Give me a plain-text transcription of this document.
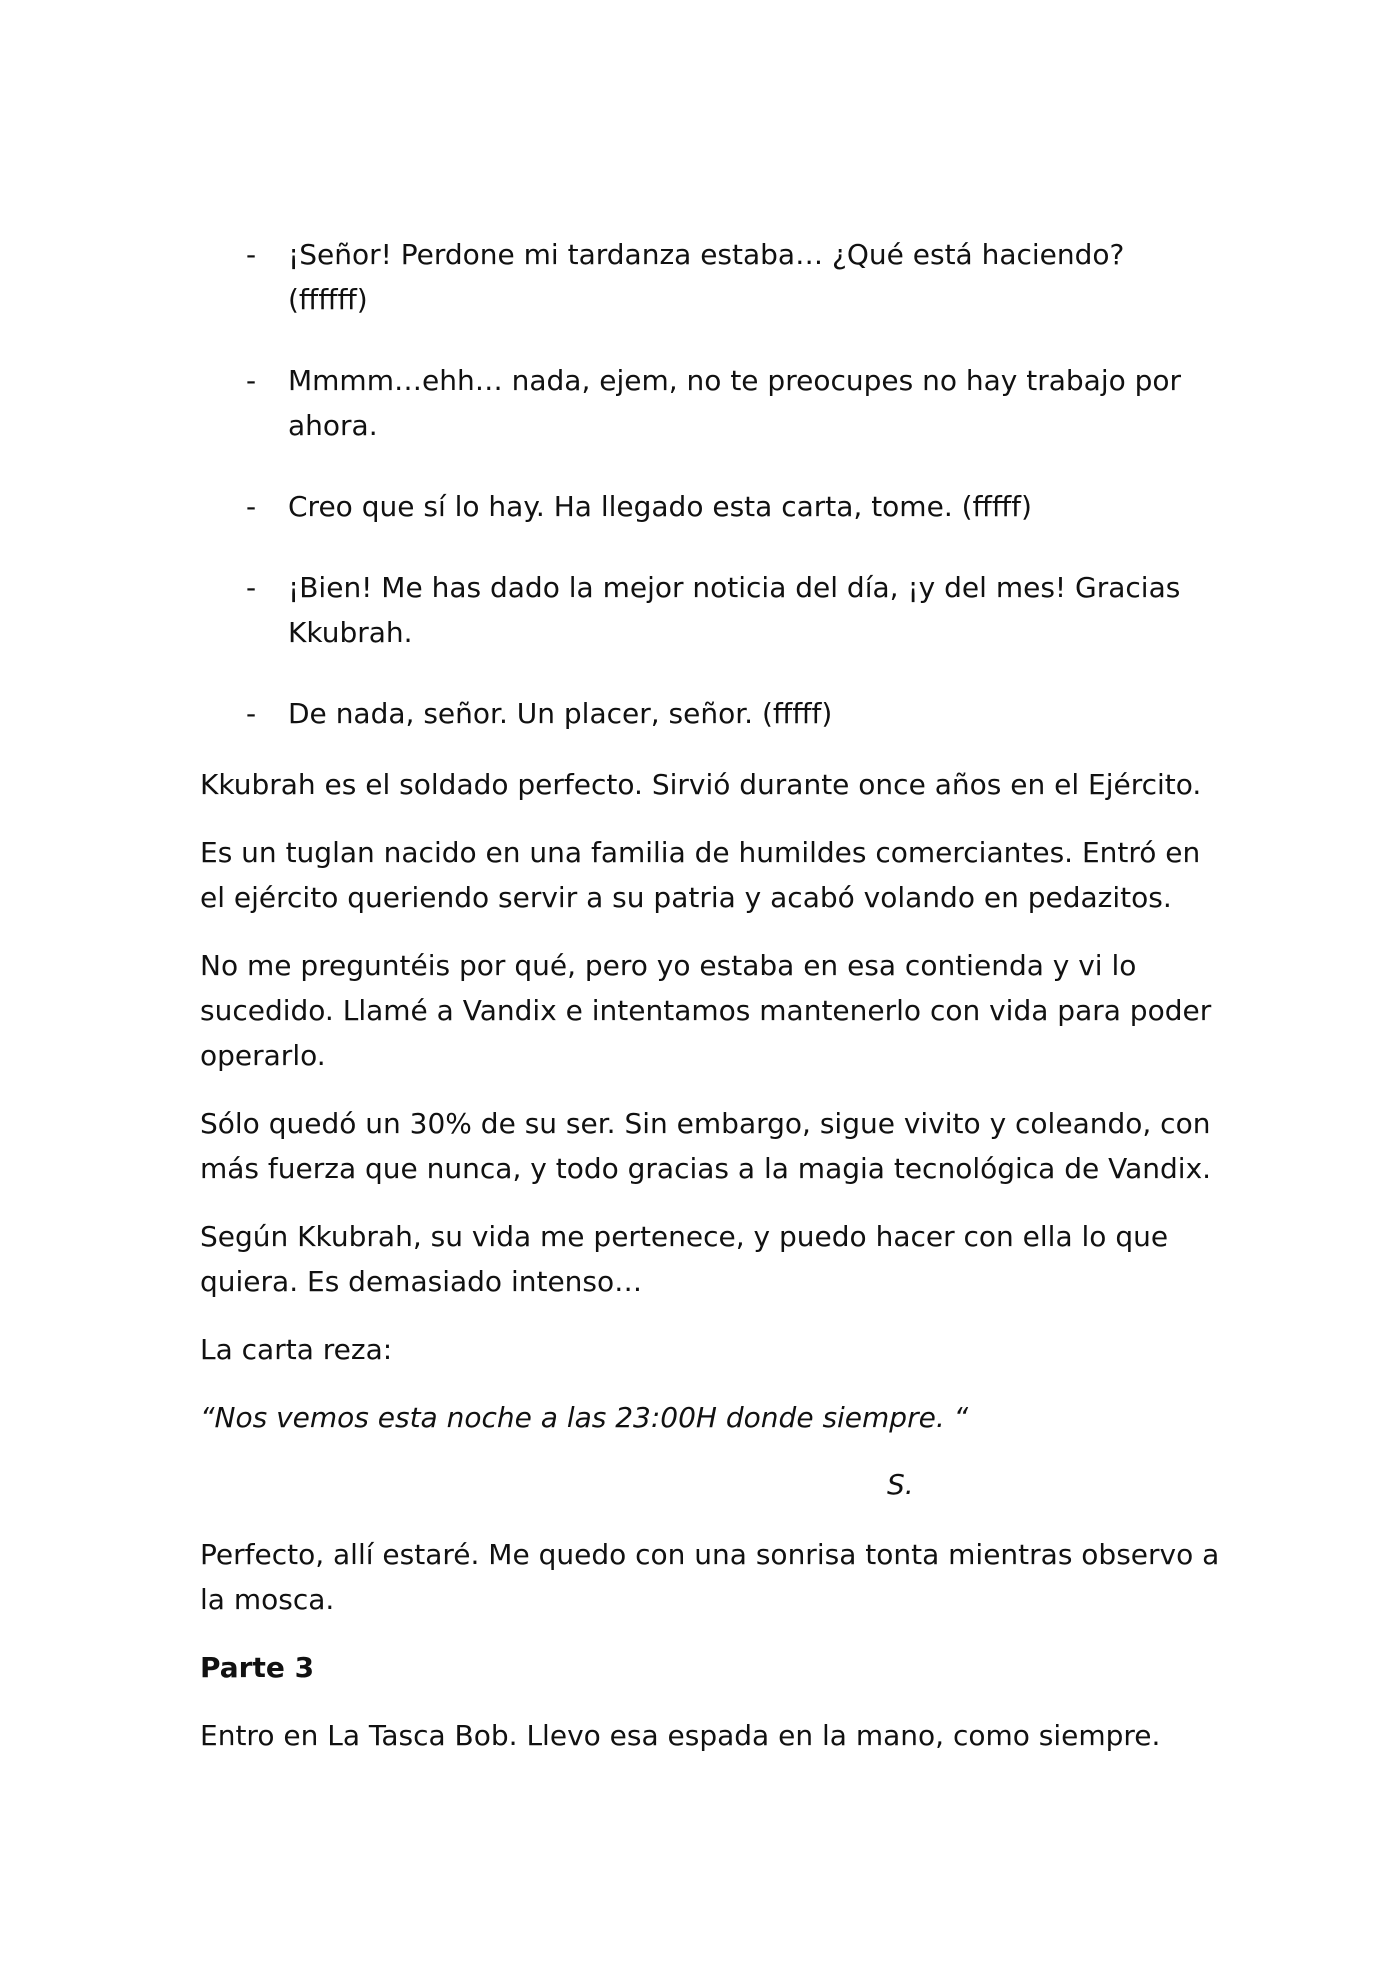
- ¡Señor! Perdone mi tardanza estaba… ¿Qué está haciendo? (ffffff)
- Mmmm…ehh… nada, ejem, no te preocupes no hay trabajo por ahora.
- Creo que sí lo hay. Ha llegado esta carta, tome. (fffff)
- ¡Bien! Me has dado la mejor noticia del día, ¡y del mes! Gracias Kkubrah.
- De nada, señor. Un placer, señor. (fffff)

Kkubrah es el soldado perfecto. Sirvió durante once años en el Ejército.

Es un tuglan nacido en una familia de humildes comerciantes. Entró en el ejército queriendo servir a su patria y acabó volando en pedazitos.

No me preguntéis por qué, pero yo estaba en esa contienda y vi lo sucedido. Llamé a Vandix e intentamos mantenerlo con vida para poder operarlo.

Sólo quedó un 30% de su ser. Sin embargo, sigue vivito y coleando, con más fuerza que nunca, y todo gracias a la magia tecnológica de Vandix.

Según Kkubrah, su vida me pertenece, y puedo hacer con ella lo que quiera. Es demasiado intenso…

La carta reza:

“Nos vemos esta noche a las 23:00H donde siempre. “

S.

Perfecto, allí estaré. Me quedo con una sonrisa tonta mientras observo a la mosca.

Parte 3

Entro en La Tasca Bob. Llevo esa espada en la mano, como siempre.
